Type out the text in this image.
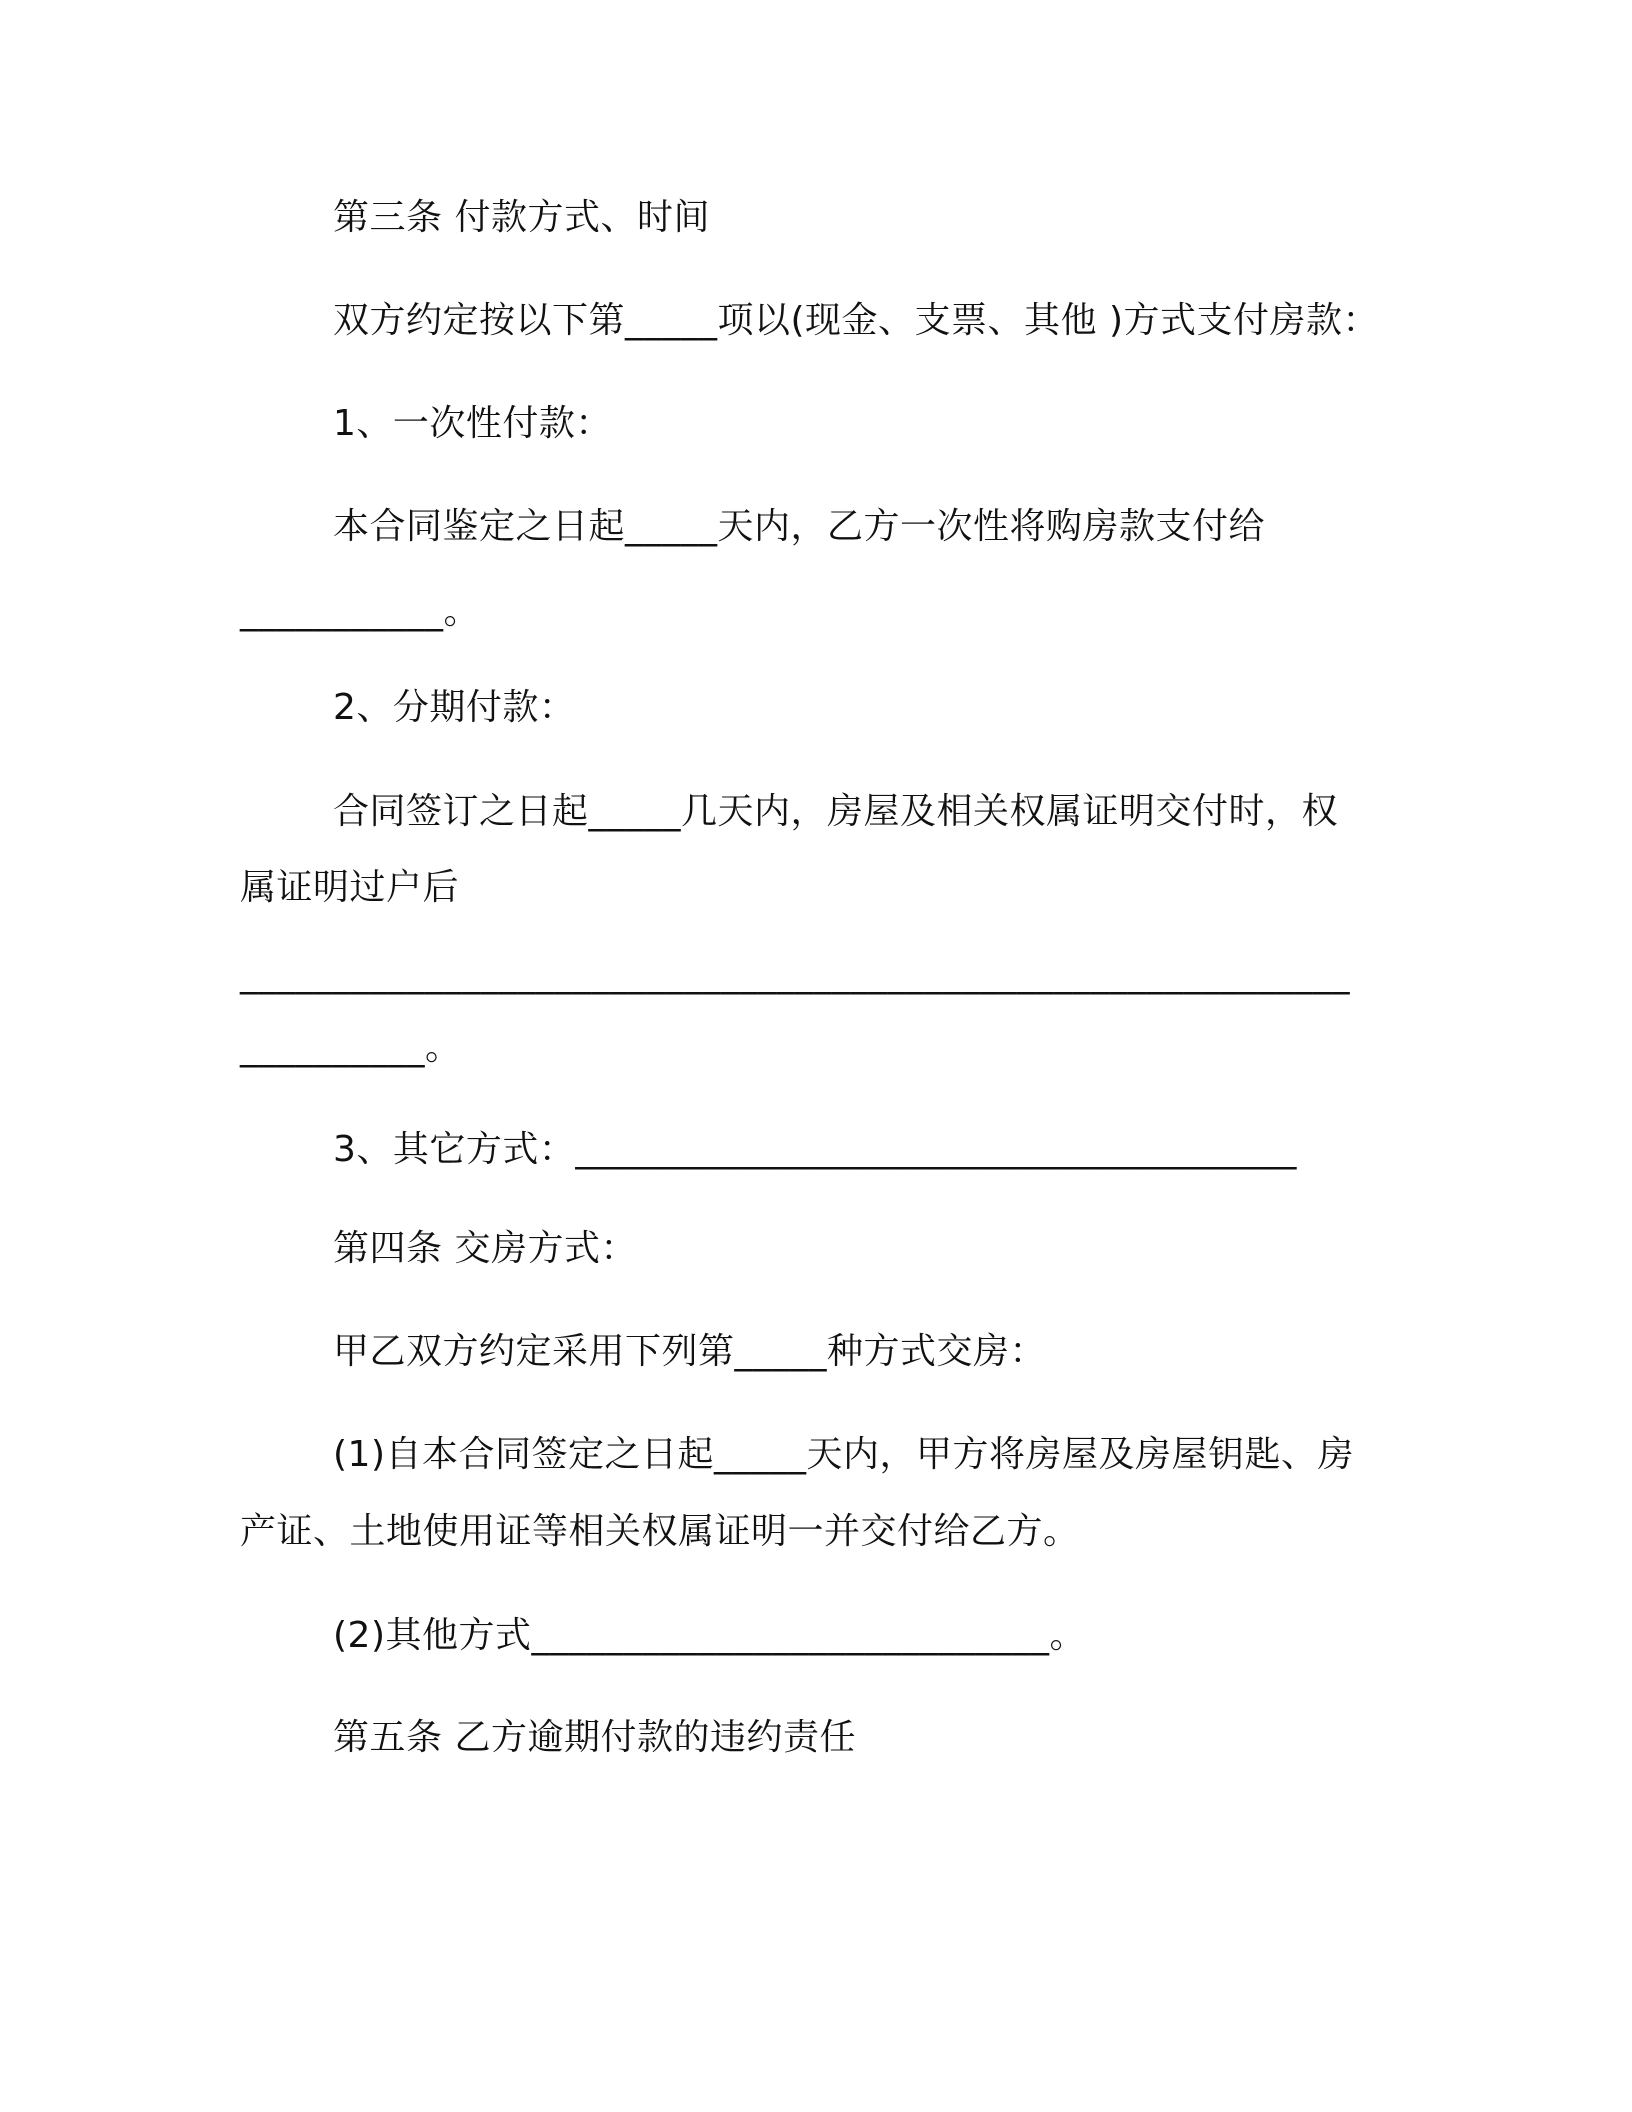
第三条 付款方式、时间
双方约定按以下第_____项以(现金、支票、其他 )方式支付房款：
1、一次性付款：
本合同鉴定之日起_____天内，乙方一次性将购房款支付给
___________。
2、分期付款：
合同签订之日起_____几天内，房屋及相关权属证明交付时，权
属证明过户后
____________________________________________________________
__________。
3、其它方式：_______________________________________
第四条 交房方式：
甲乙双方约定采用下列第_____种方式交房：
(1)自本合同签定之日起_____天内，甲方将房屋及房屋钥匙、房
产证、土地使用证等相关权属证明一并交付给乙方。
(2)其他方式____________________________。
第五条 乙方逾期付款的违约责任
